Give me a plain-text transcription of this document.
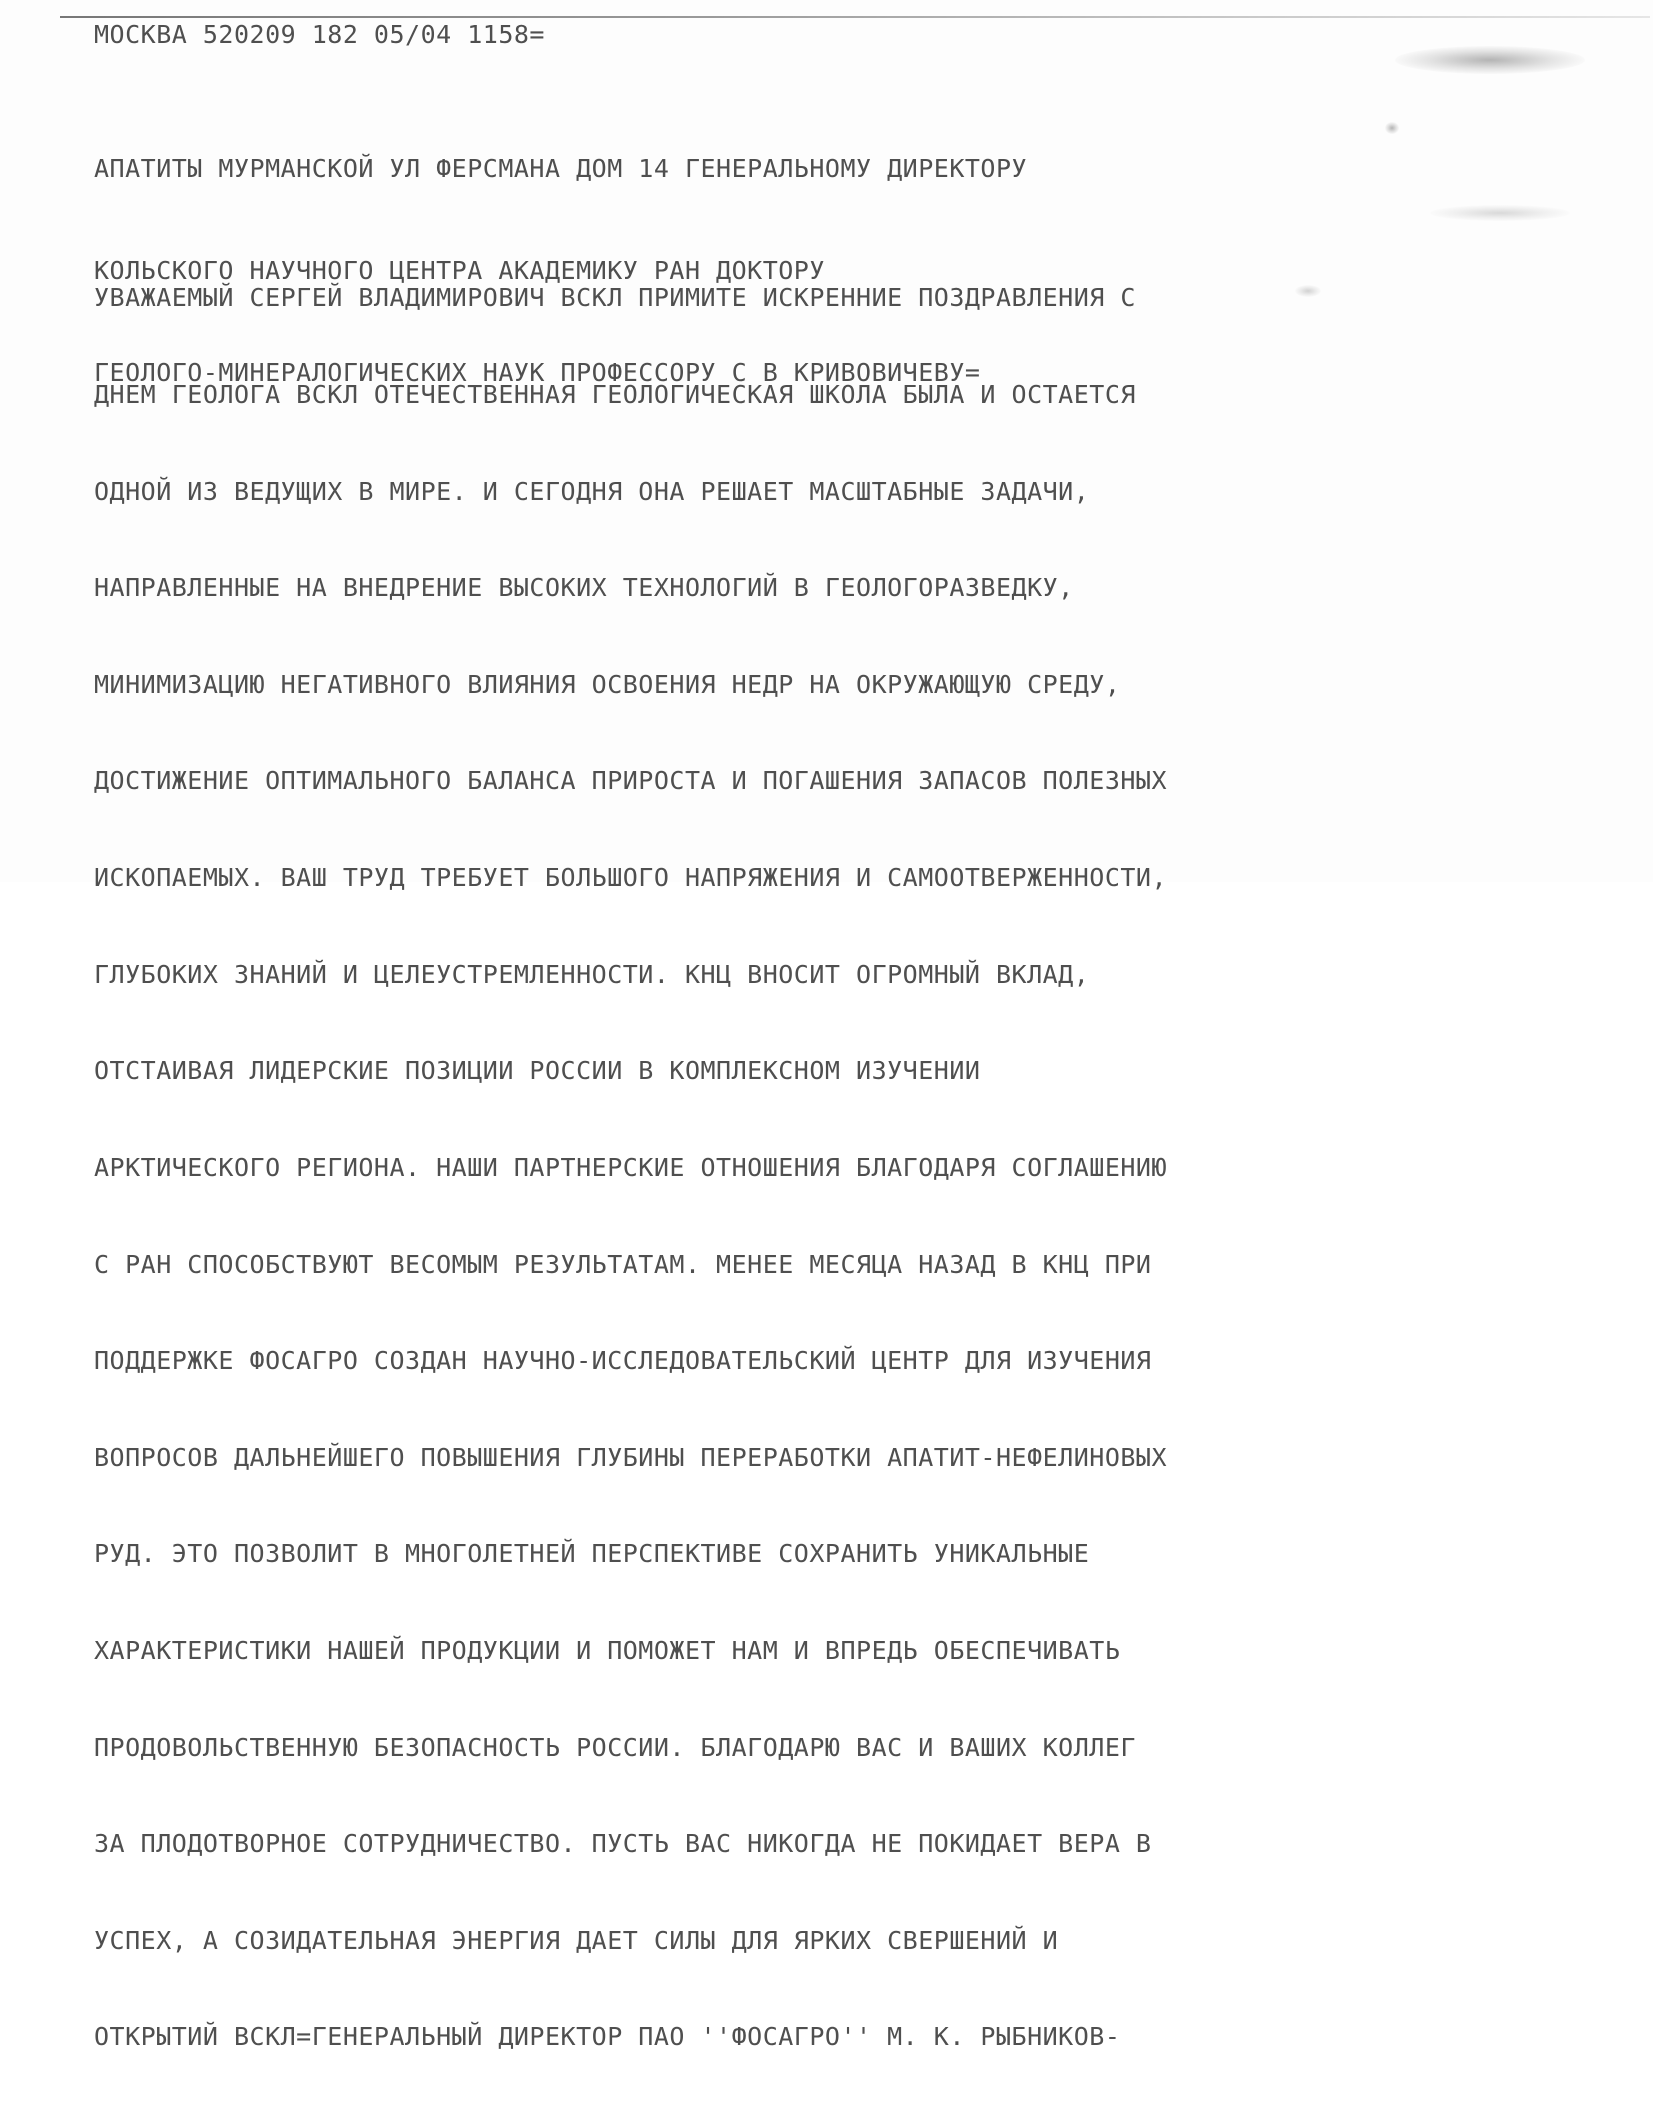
МОСКВА 520209 182 05/04 1158=

АПАТИТЫ МУРМАНСКОЙ УЛ ФЕРСМАНА ДОМ 14 ГЕНЕРАЛЬНОМУ ДИРЕКТОРУ

КОЛЬСКОГО НАУЧНОГО ЦЕНТРА АКАДЕМИКУ РАН ДОКТОРУ

ГЕОЛОГО-МИНЕРАЛОГИЧЕСКИХ НАУК ПРОФЕССОРУ С В КРИВОВИЧЕВУ=

УВАЖАЕМЫЙ СЕРГЕЙ ВЛАДИМИРОВИЧ ВСКЛ ПРИМИТЕ ИСКРЕННИЕ ПОЗДРАВЛЕНИЯ С

ДНЕМ ГЕОЛОГА ВСКЛ ОТЕЧЕСТВЕННАЯ ГЕОЛОГИЧЕСКАЯ ШКОЛА БЫЛА И ОСТАЕТСЯ

ОДНОЙ ИЗ ВЕДУЩИХ В МИРЕ. И СЕГОДНЯ ОНА РЕШАЕТ МАСШТАБНЫЕ ЗАДАЧИ,

НАПРАВЛЕННЫЕ НА ВНЕДРЕНИЕ ВЫСОКИХ ТЕХНОЛОГИЙ В ГЕОЛОГОРАЗВЕДКУ,

МИНИМИЗАЦИЮ НЕГАТИВНОГО ВЛИЯНИЯ ОСВОЕНИЯ НЕДР НА ОКРУЖАЮЩУЮ СРЕДУ,

ДОСТИЖЕНИЕ ОПТИМАЛЬНОГО БАЛАНСА ПРИРОСТА И ПОГАШЕНИЯ ЗАПАСОВ ПОЛЕЗНЫХ

ИСКОПАЕМЫХ. ВАШ ТРУД ТРЕБУЕТ БОЛЬШОГО НАПРЯЖЕНИЯ И САМООТВЕРЖЕННОСТИ,

ГЛУБОКИХ ЗНАНИЙ И ЦЕЛЕУСТРЕМЛЕННОСТИ. КНЦ ВНОСИТ ОГРОМНЫЙ ВКЛАД,

ОТСТАИВАЯ ЛИДЕРСКИЕ ПОЗИЦИИ РОССИИ В КОМПЛЕКСНОМ ИЗУЧЕНИИ

АРКТИЧЕСКОГО РЕГИОНА. НАШИ ПАРТНЕРСКИЕ ОТНОШЕНИЯ БЛАГОДАРЯ СОГЛАШЕНИЮ

С РАН СПОСОБСТВУЮТ ВЕСОМЫМ РЕЗУЛЬТАТАМ. МЕНЕЕ МЕСЯЦА НАЗАД В КНЦ ПРИ

ПОДДЕРЖКЕ ФОСАГРО СОЗДАН НАУЧНО-ИССЛЕДОВАТЕЛЬСКИЙ ЦЕНТР ДЛЯ ИЗУЧЕНИЯ

ВОПРОСОВ ДАЛЬНЕЙШЕГО ПОВЫШЕНИЯ ГЛУБИНЫ ПЕРЕРАБОТКИ АПАТИТ-НЕФЕЛИНОВЫХ

РУД. ЭТО ПОЗВОЛИТ В МНОГОЛЕТНЕЙ ПЕРСПЕКТИВЕ СОХРАНИТЬ УНИКАЛЬНЫЕ

ХАРАКТЕРИСТИКИ НАШЕЙ ПРОДУКЦИИ И ПОМОЖЕТ НАМ И ВПРЕДЬ ОБЕСПЕЧИВАТЬ

ПРОДОВОЛЬСТВЕННУЮ БЕЗОПАСНОСТЬ РОССИИ. БЛАГОДАРЮ ВАС И ВАШИХ КОЛЛЕГ

ЗА ПЛОДОТВОРНОЕ СОТРУДНИЧЕСТВО. ПУСТЬ ВАС НИКОГДА НЕ ПОКИДАЕТ ВЕРА В

УСПЕХ, А СОЗИДАТЕЛЬНАЯ ЭНЕРГИЯ ДАЕТ СИЛЫ ДЛЯ ЯРКИХ СВЕРШЕНИЙ И

ОТКРЫТИЙ ВСКЛ=ГЕНЕРАЛЬНЫЙ ДИРЕКТОР ПАО ''ФОСАГРО'' М. К. РЫБНИКОВ-
